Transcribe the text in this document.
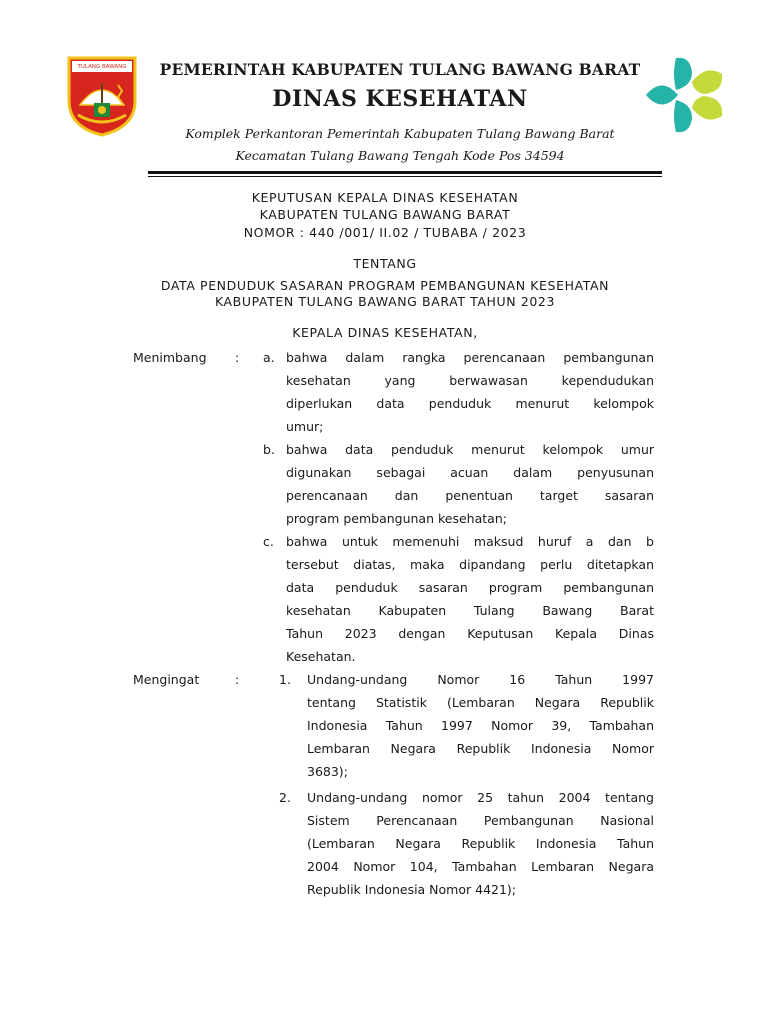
TULANG BAWANG BARAT	PEMERINTAH KABUPATEN TULANG BAWANG BARAT
DINAS KESEHATAN
Komplek Perkantoran Pemerintah Kabupaten Tulang Bawang Barat
Kecamatan Tulang Bawang Tengah Kode Pos 34594
KEPUTUSAN KEPALA DINAS KESEHATAN
KABUPATEN TULANG BAWANG BARAT
NOMOR : 440 /001/ II.02 / TUBABA / 2023
TENTANG
DATA PENDUDUK SASARAN PROGRAM PEMBANGUNAN KESEHATAN
KABUPATEN TULANG BAWANG BARAT TAHUN 2023
KEPALA DINAS KESEHATAN,
Menimbang : a. bahwa dalam rangka perencanaan pembangunan
kesehatan yang berwawasan kependudukan
diperlukan data penduduk menurut kelompok
umur;
b. bahwa data penduduk menurut kelompok umur
digunakan sebagai acuan dalam penyusunan
perencanaan dan penentuan target sasaran
program pembangunan kesehatan;
c. bahwa untuk memenuhi maksud huruf a dan b
tersebut diatas, maka dipandang perlu ditetapkan
data penduduk sasaran program pembangunan
kesehatan Kabupaten Tulang Bawang Barat
Tahun 2023 dengan Keputusan Kepala Dinas
Kesehatan.
Mengingat	:	1. Undang-undang Nomor 16 Tahun 1997
tentang Statistik (Lembaran Negara Republik
Indonesia Tahun 1997 Nomor 39, Tambahan
Lembaran Negara Republik Indonesia Nomor
3683);
2. Undang-undang nomor 25 tahun 2004 tentang
Sistem Perencanaan Pembangunan Nasional
(Lembaran Negara Republik Indonesia Tahun
2004 Nomor 104, Tambahan Lembaran Negara
Republik Indonesia Nomor 4421);
